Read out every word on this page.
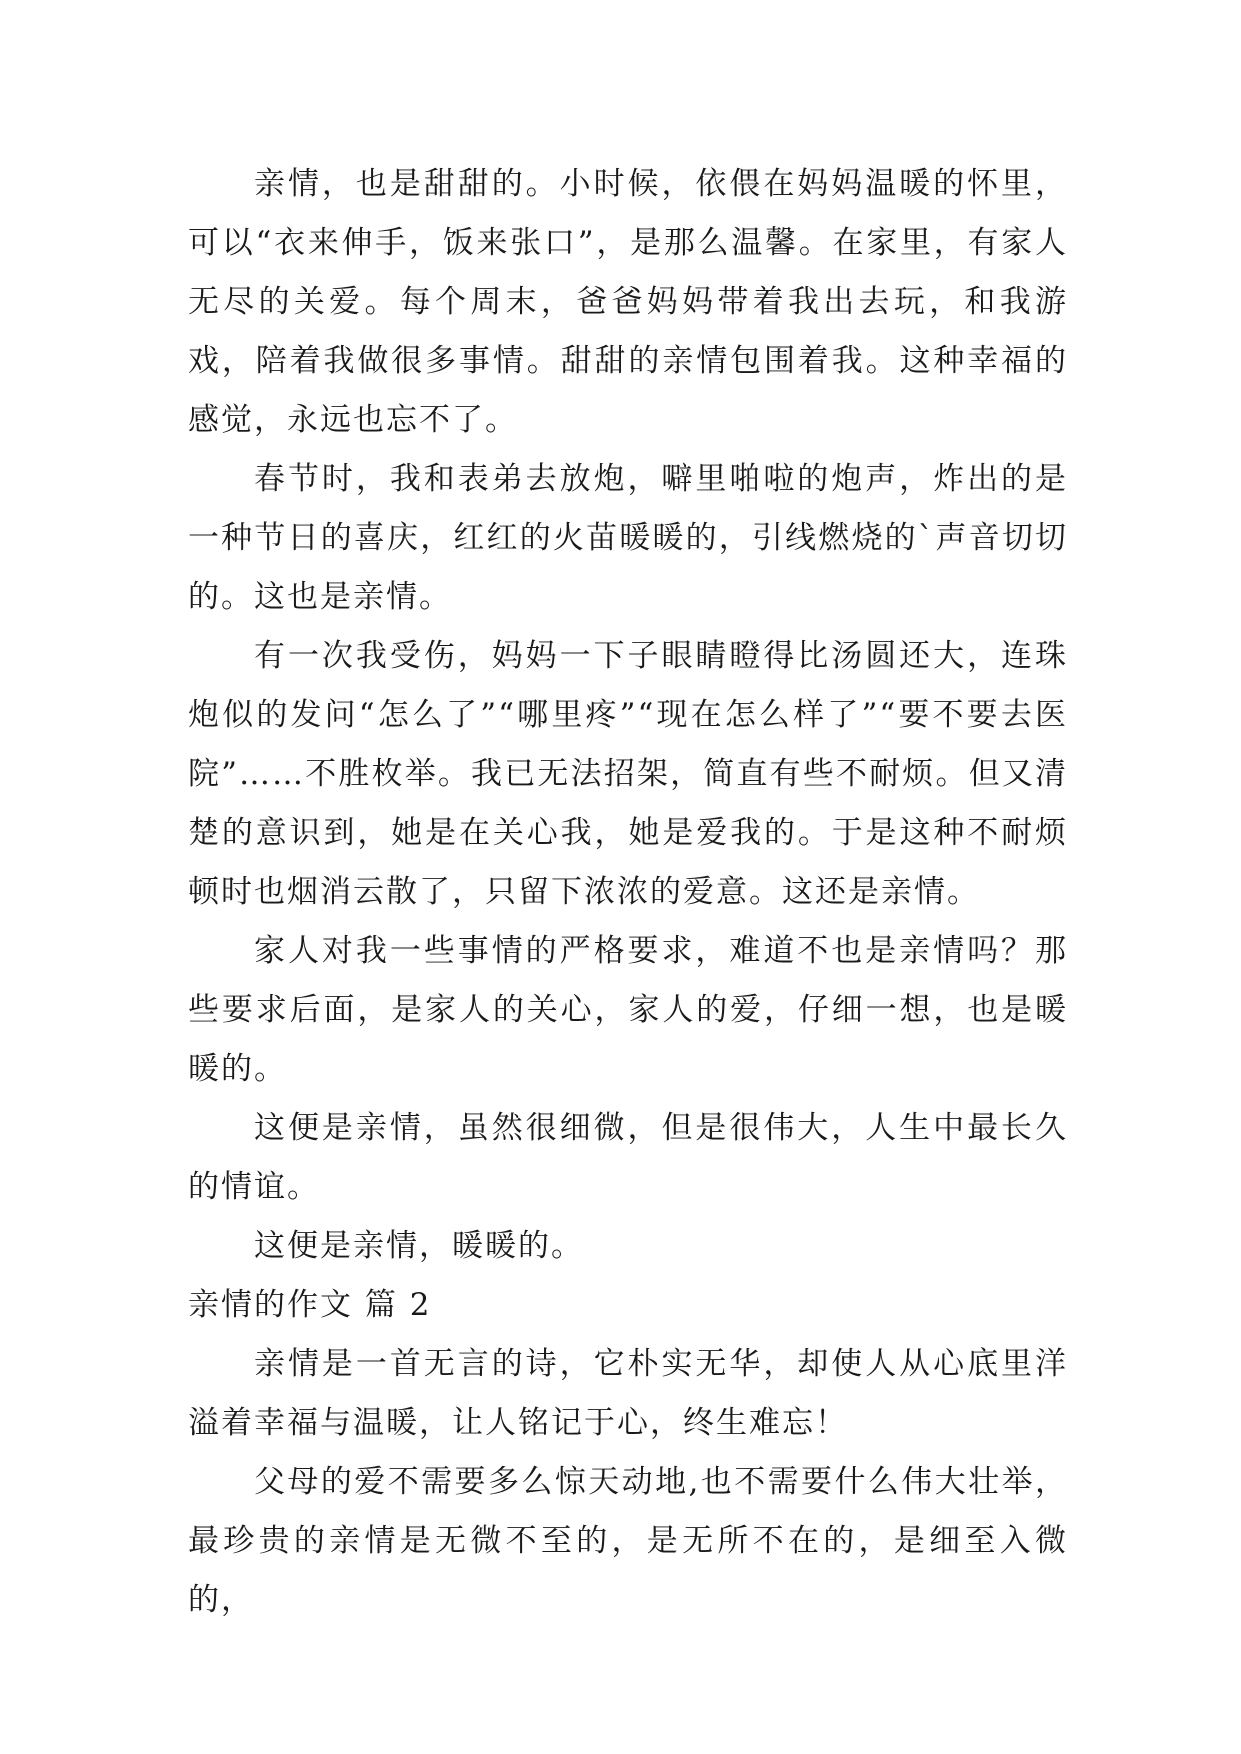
亲情，也是甜甜的。小时候，依偎在妈妈温暖的怀里，可以“衣来伸手，饭来张口”，是那么温馨。在家里，有家人无尽的关爱。每个周末，爸爸妈妈带着我出去玩，和我游戏，陪着我做很多事情。甜甜的亲情包围着我。这种幸福的感觉，永远也忘不了。

春节时，我和表弟去放炮，噼里啪啦的炮声，炸出的是一种节日的喜庆，红红的火苗暖暖的，引线燃烧的`声音切切的。这也是亲情。

有一次我受伤，妈妈一下子眼睛瞪得比汤圆还大，连珠炮似的发问“怎么了”“哪里疼”“现在怎么样了”“要不要去医院”……不胜枚举。我已无法招架，简直有些不耐烦。但又清楚的意识到，她是在关心我，她是爱我的。于是这种不耐烦顿时也烟消云散了，只留下浓浓的爱意。这还是亲情。

家人对我一些事情的严格要求，难道不也是亲情吗？那些要求后面，是家人的关心，家人的爱，仔细一想，也是暖暖的。

这便是亲情，虽然很细微，但是很伟大，人生中最长久的情谊。

这便是亲情，暖暖的。

亲情的作文 篇 2

亲情是一首无言的诗，它朴实无华，却使人从心底里洋溢着幸福与温暖，让人铭记于心，终生难忘！

父母的爱不需要多么惊天动地,也不需要什么伟大壮举，最珍贵的亲情是无微不至的，是无所不在的，是细至入微的，
